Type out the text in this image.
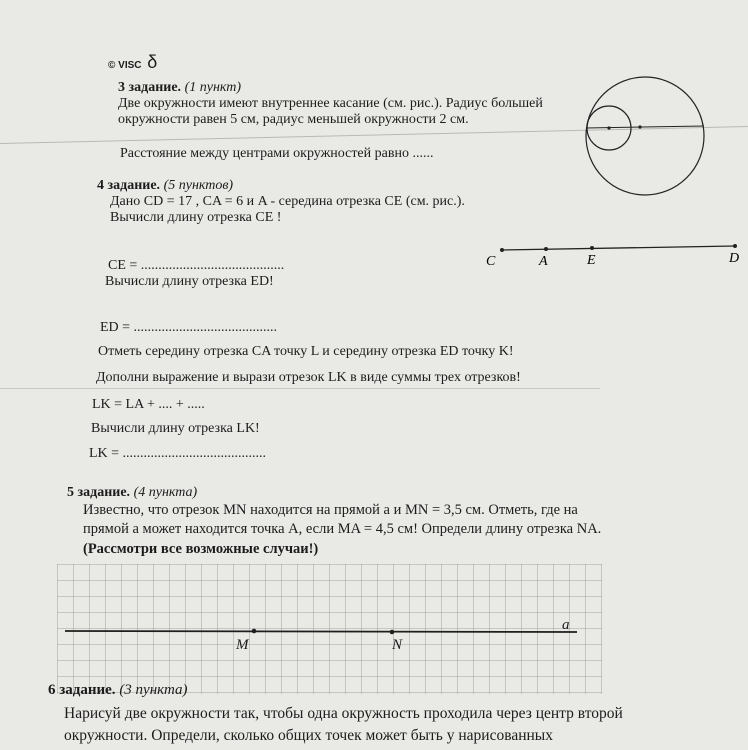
© VISC δ
3 задание. (1 пункт)
Две окружности имеют внутреннее касание (см. рис.). Радиус большей
окружности равен 5 см, радиус меньшей окружности 2 см.
Расстояние между центрами окружностей равно ......
4 задание. (5 пунктов)
Дано CD = 17 , CA = 6 и A - середина отрезка CE (см. рис.).
Вычисли длину отрезка CE !
C	A	E	D
CE = .........................................
Вычисли длину отрезка ED!
ED = .........................................
Отметь середину отрезка CA точку L и середину отрезка ED точку K!
Дополни выражение и вырази отрезок LK в виде суммы трех отрезков!
LK = LA + .... + .....
Вычисли длину отрезка LK!
LK = .........................................
5 задание. (4 пункта)
Известно, что отрезок MN находится на прямой a и MN = 3,5 см. Отметь, где на
прямой a может находится точка A, если MA = 4,5 см! Определи длину отрезка NA.
(Рассмотри все возможные случаи!)
M	N
a
6 задание. (3 пункта)
Нарисуй две окружности так, чтобы одна окружность проходила через центр второй
окружности. Определи, сколько общих точек может быть у нарисованных
